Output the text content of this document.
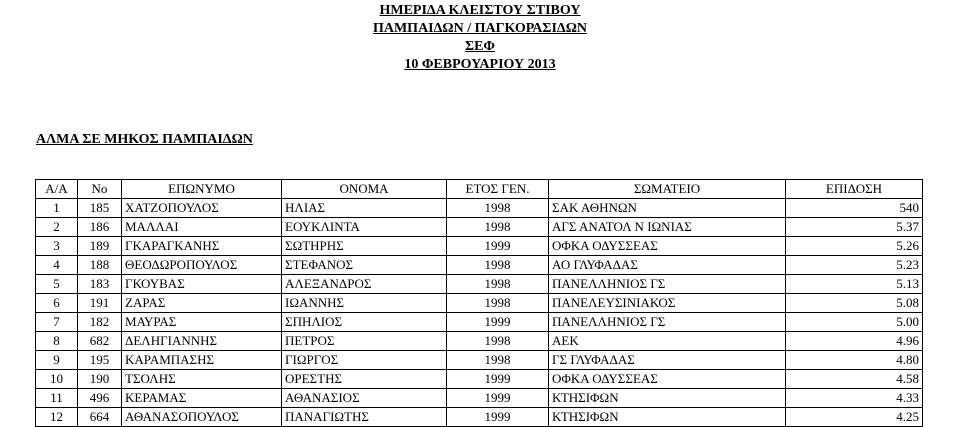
ΗΜΕΡΙΔΑ ΚΛΕΙΣΤΟΥ ΣΤΙΒΟΥ
ΠΑΜΠΑΙΔΩΝ / ΠΑΓΚΟΡΑΣΙΔΩΝ
ΣΕΦ
10 ΦΕΒΡΟΥΑΡΙΟΥ 2013
ΑΛΜΑ ΣΕ ΜΗΚΟΣ ΠΑΜΠΑΙΔΩΝ
Α/Α	Νο	ΕΠΩΝΥΜΟ	ΟΝΟΜΑ	ΕΤΟΣ ΓΕΝ.	ΣΩΜΑΤΕΙΟ	ΕΠΙΔΟΣΗ
1	185	ΧΑΤΖΟΠΟΥΛΟΣ	ΗΛΙΑΣ	1998	ΣΑΚ ΑΘΗΝΩΝ	540
2	186	ΜΑΛΛΑΙ	ΕΟΥΚΛΙΝΤΑ	1998	ΑΓΣ ΑΝΑΤΟΛ Ν ΙΩΝΙΑΣ	5.37
3	189	ΓΚΑΡΑΓΚΑΝΗΣ	ΣΩΤΗΡΗΣ	1999	ΟΦΚΑ ΟΔΥΣΣΕΑΣ	5.26
4	188	ΘΕΟΔΩΡΟΠΟΥΛΟΣ	ΣΤΕΦΑΝΟΣ	1998	ΑΟ ΓΛΥΦΑΔΑΣ	5.23
5	183	ΓΚΟΥΒΑΣ	ΑΛΕΞΑΝΔΡΟΣ	1998	ΠΑΝΕΛΛΗΝΙΟΣ ΓΣ	5.13
6	191	ΖΑΡΑΣ	ΙΩΑΝΝΗΣ	1998	ΠΑΝΕΛΕΥΣΙΝΙΑΚΟΣ	5.08
7	182	ΜΑΥΡΑΣ	ΣΠΗΛΙΟΣ	1999	ΠΑΝΕΛΛΗΝΙΟΣ ΓΣ	5.00
8	682	ΔΕΛΗΓΙΑΝΝΗΣ	ΠΕΤΡΟΣ	1998	ΑΕΚ	4.96
9	195	ΚΑΡΑΜΠΑΣΗΣ	ΓΙΩΡΓΟΣ	1998	ΓΣ ΓΛΥΦΑΔΑΣ	4.80
10	190	ΤΣΟΛΗΣ	ΟΡΕΣΤΗΣ	1999	ΟΦΚΑ ΟΔΥΣΣΕΑΣ	4.58
11	496	ΚΕΡΑΜΑΣ	ΑΘΑΝΑΣΙΟΣ	1999	ΚΤΗΣΙΦΩΝ	4.33
12	664	ΑΘΑΝΑΣΟΠΟΥΛΟΣ	ΠΑΝΑΓΙΩΤΗΣ	1999	ΚΤΗΣΙΦΩΝ	4.25
